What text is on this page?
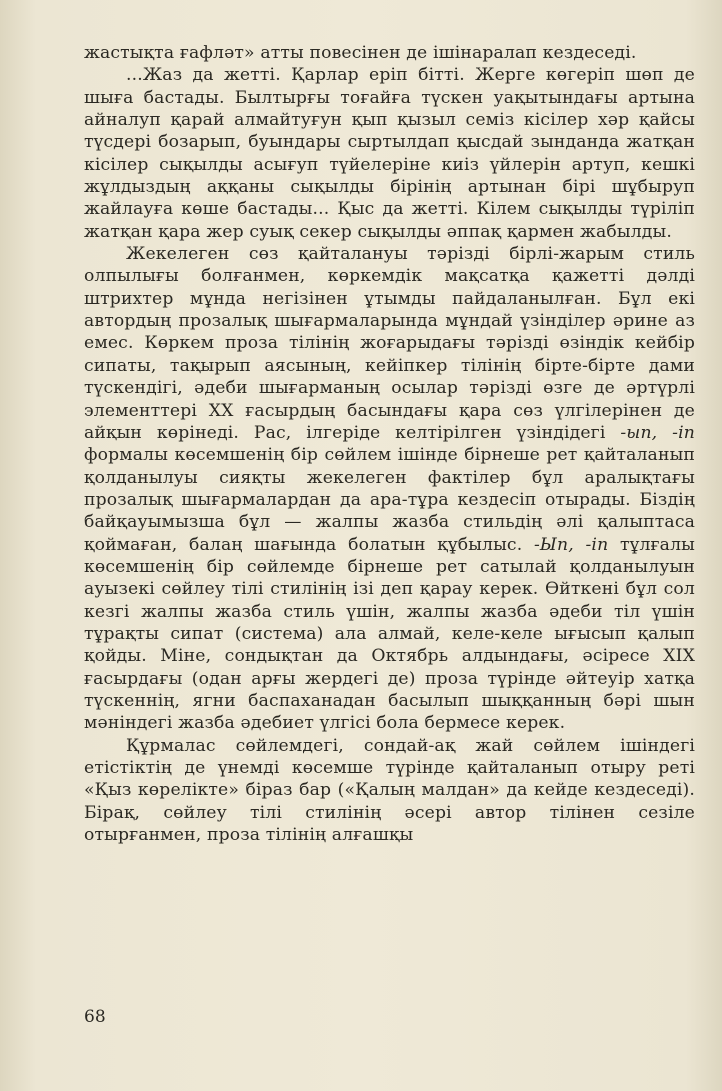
жастықта ғафләт» атты повесінен де ішінаралап кездеседі.

...Жаз да жетті. Қарлар еріп бітті. Жерге көгеріп шөп де шыға бастады. Былтырғы тоғайға түскен уақытындағы артына айналуп қарай алмайтуғун қып қызыл семіз кісілер хәр қайсы түсдері бозарып, буындары сыртылдап қысдай зынданда жатқан кісілер сықылды асығуп түйелеріне киіз үйлерін артуп, кешкі жұлдыздың аққаны сықылды бірінің артынан бірі шұбыруп жайлауға көше бастады... Қыс да жетті. Кілем сықылды түріліп жатқан қара жер суық секер сықылды әппақ қармен жабылды.

Жекелеген сөз қайталануы тәрізді бірлі-жарым стиль олпылығы болғанмен, көркемдік мақсатқа қажетті дәлді штрихтер мұнда негізінен ұтымды пайдаланылған. Бұл екі автордың прозалық шығармаларында мұндай үзінділер әрине аз емес. Көркем проза тілінің жоғарыдағы тәрізді өзіндік кейбір сипаты, тақырып аясының, кейіпкер тілінің бірте-бірте дами түскендігі, әдеби шығарманың осылар тәрізді өзге де әртүрлі элементтері XX ғасырдың басындағы қара сөз үлгілерінен де айқын көрінеді. Рас, ілгеріде келтірілген үзіндідегі -ып, -іп формалы көсемшенің бір сөйлем ішінде бірнеше рет қайталанып қолданылуы сияқты жекелеген фактілер бұл аралықтағы прозалық шығармалардан да ара-тұра кездесіп отырады. Біздің байқауымызша бұл — жалпы жазба стильдің әлі қалыптаса қоймаған, балаң шағында болатын құбылыс. -Ып, -іп тұлғалы көсемшенің бір сөйлемде бірнеше рет сатылай қолданылуын ауызекі сөйлеу тілі стилінің ізі деп қарау керек. Өйткені бұл сол кезгі жалпы жазба стиль үшін, жалпы жазба әдеби тіл үшін тұрақты сипат (система) ала алмай, келе-келе ығысып қалып қойды. Міне, сондықтан да Октябрь алдындағы, әсіресе XIX ғасырдағы (одан арғы жердегі де) проза түрінде әйтеуір хатқа түскеннің, ягни баспаханадан басылып шыққанның бәрі шын мәніндегі жазба әдебиет үлгісі бола бермесе керек.

Құрмалас сөйлемдегі, сондай-ақ жай сөйлем ішіндегі етістіктің де үнемді көсемше түрінде қайталанып отыру реті «Қыз көрелікте» біраз бар («Қалың малдан» да кейде кездеседі). Бірақ, сөйлеу тілі стилінің әсері автор тілінен сезіле отырғанмен, проза тілінің алғашқы

68
